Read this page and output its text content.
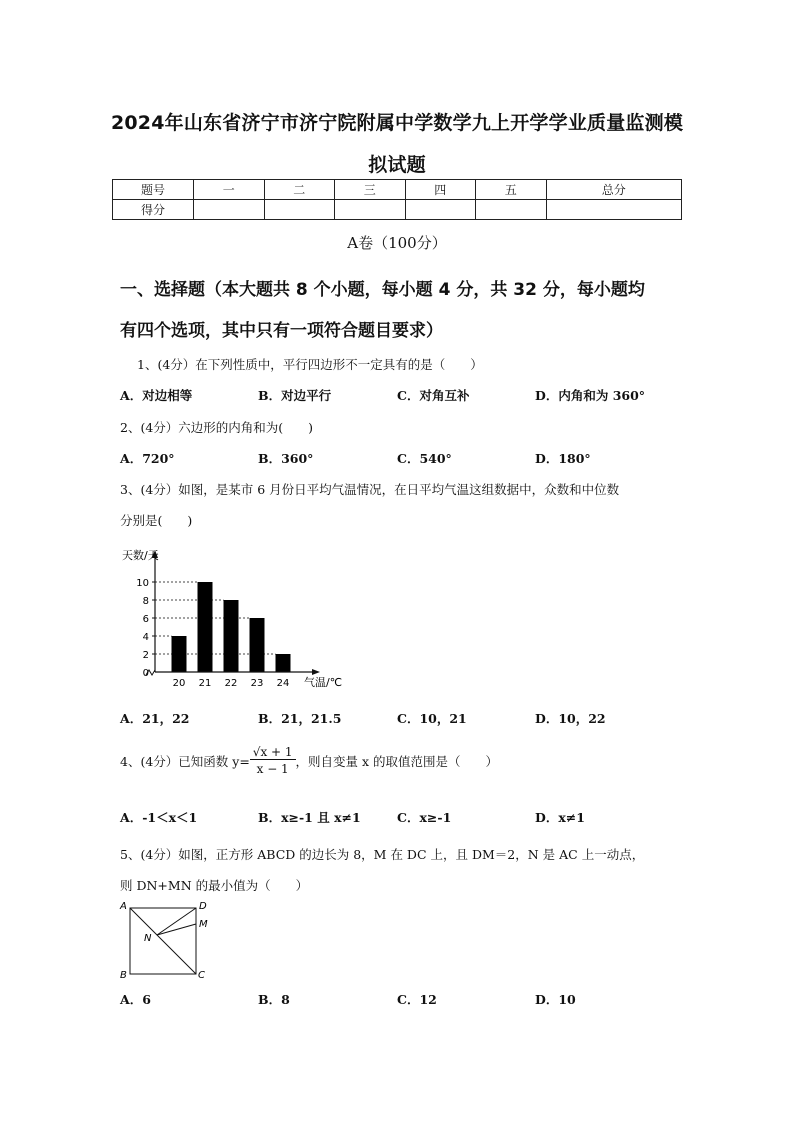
2024年山东省济宁市济宁院附属中学数学九上开学学业质量监测模
拟试题
题号	一	二	三	四	五	总分
得分						
A卷（100分）
一、选择题（本大题共 8 个小题，每小题 4 分，共 32 分，每小题均
有四个选项，其中只有一项符合题目要求）
1、(4分）在下列性质中，平行四边形不一定具有的是（　　）
A．对边相等	B．对边平行	C．对角互补	D．内角和为 360°
2、(4分）六边形的内角和为(　　)
A．720°	B．360°	C．540°	D．180°
3、(4分）如图，是某市 6 月份日平均气温情况，在日平均气温这组数据中，众数和中位数
分别是(　　)
天数/天
气温/℃
0
2
4
6
8
10
20 21 22 23 24
A．21，22	B．21，21.5	C．10，21	D．10，22
4、(4分）已知函数 $y= \frac{√x + 1}{x - 1}$ ，则自变量 x 的取值范围是（　　）
A．-1＜x＜1	B．x≥-1 且 x≠1	C．x≥-1	D．x≠1
5、(4分）如图，正方形 ABCD 的边长为 8，M 在 DC 上，且 DM＝2，N 是 AC 上一动点，
则 DN+MN 的最小值为（　　）
A	D
M
N
B	C
A．6	B．8	C．12	D．10
